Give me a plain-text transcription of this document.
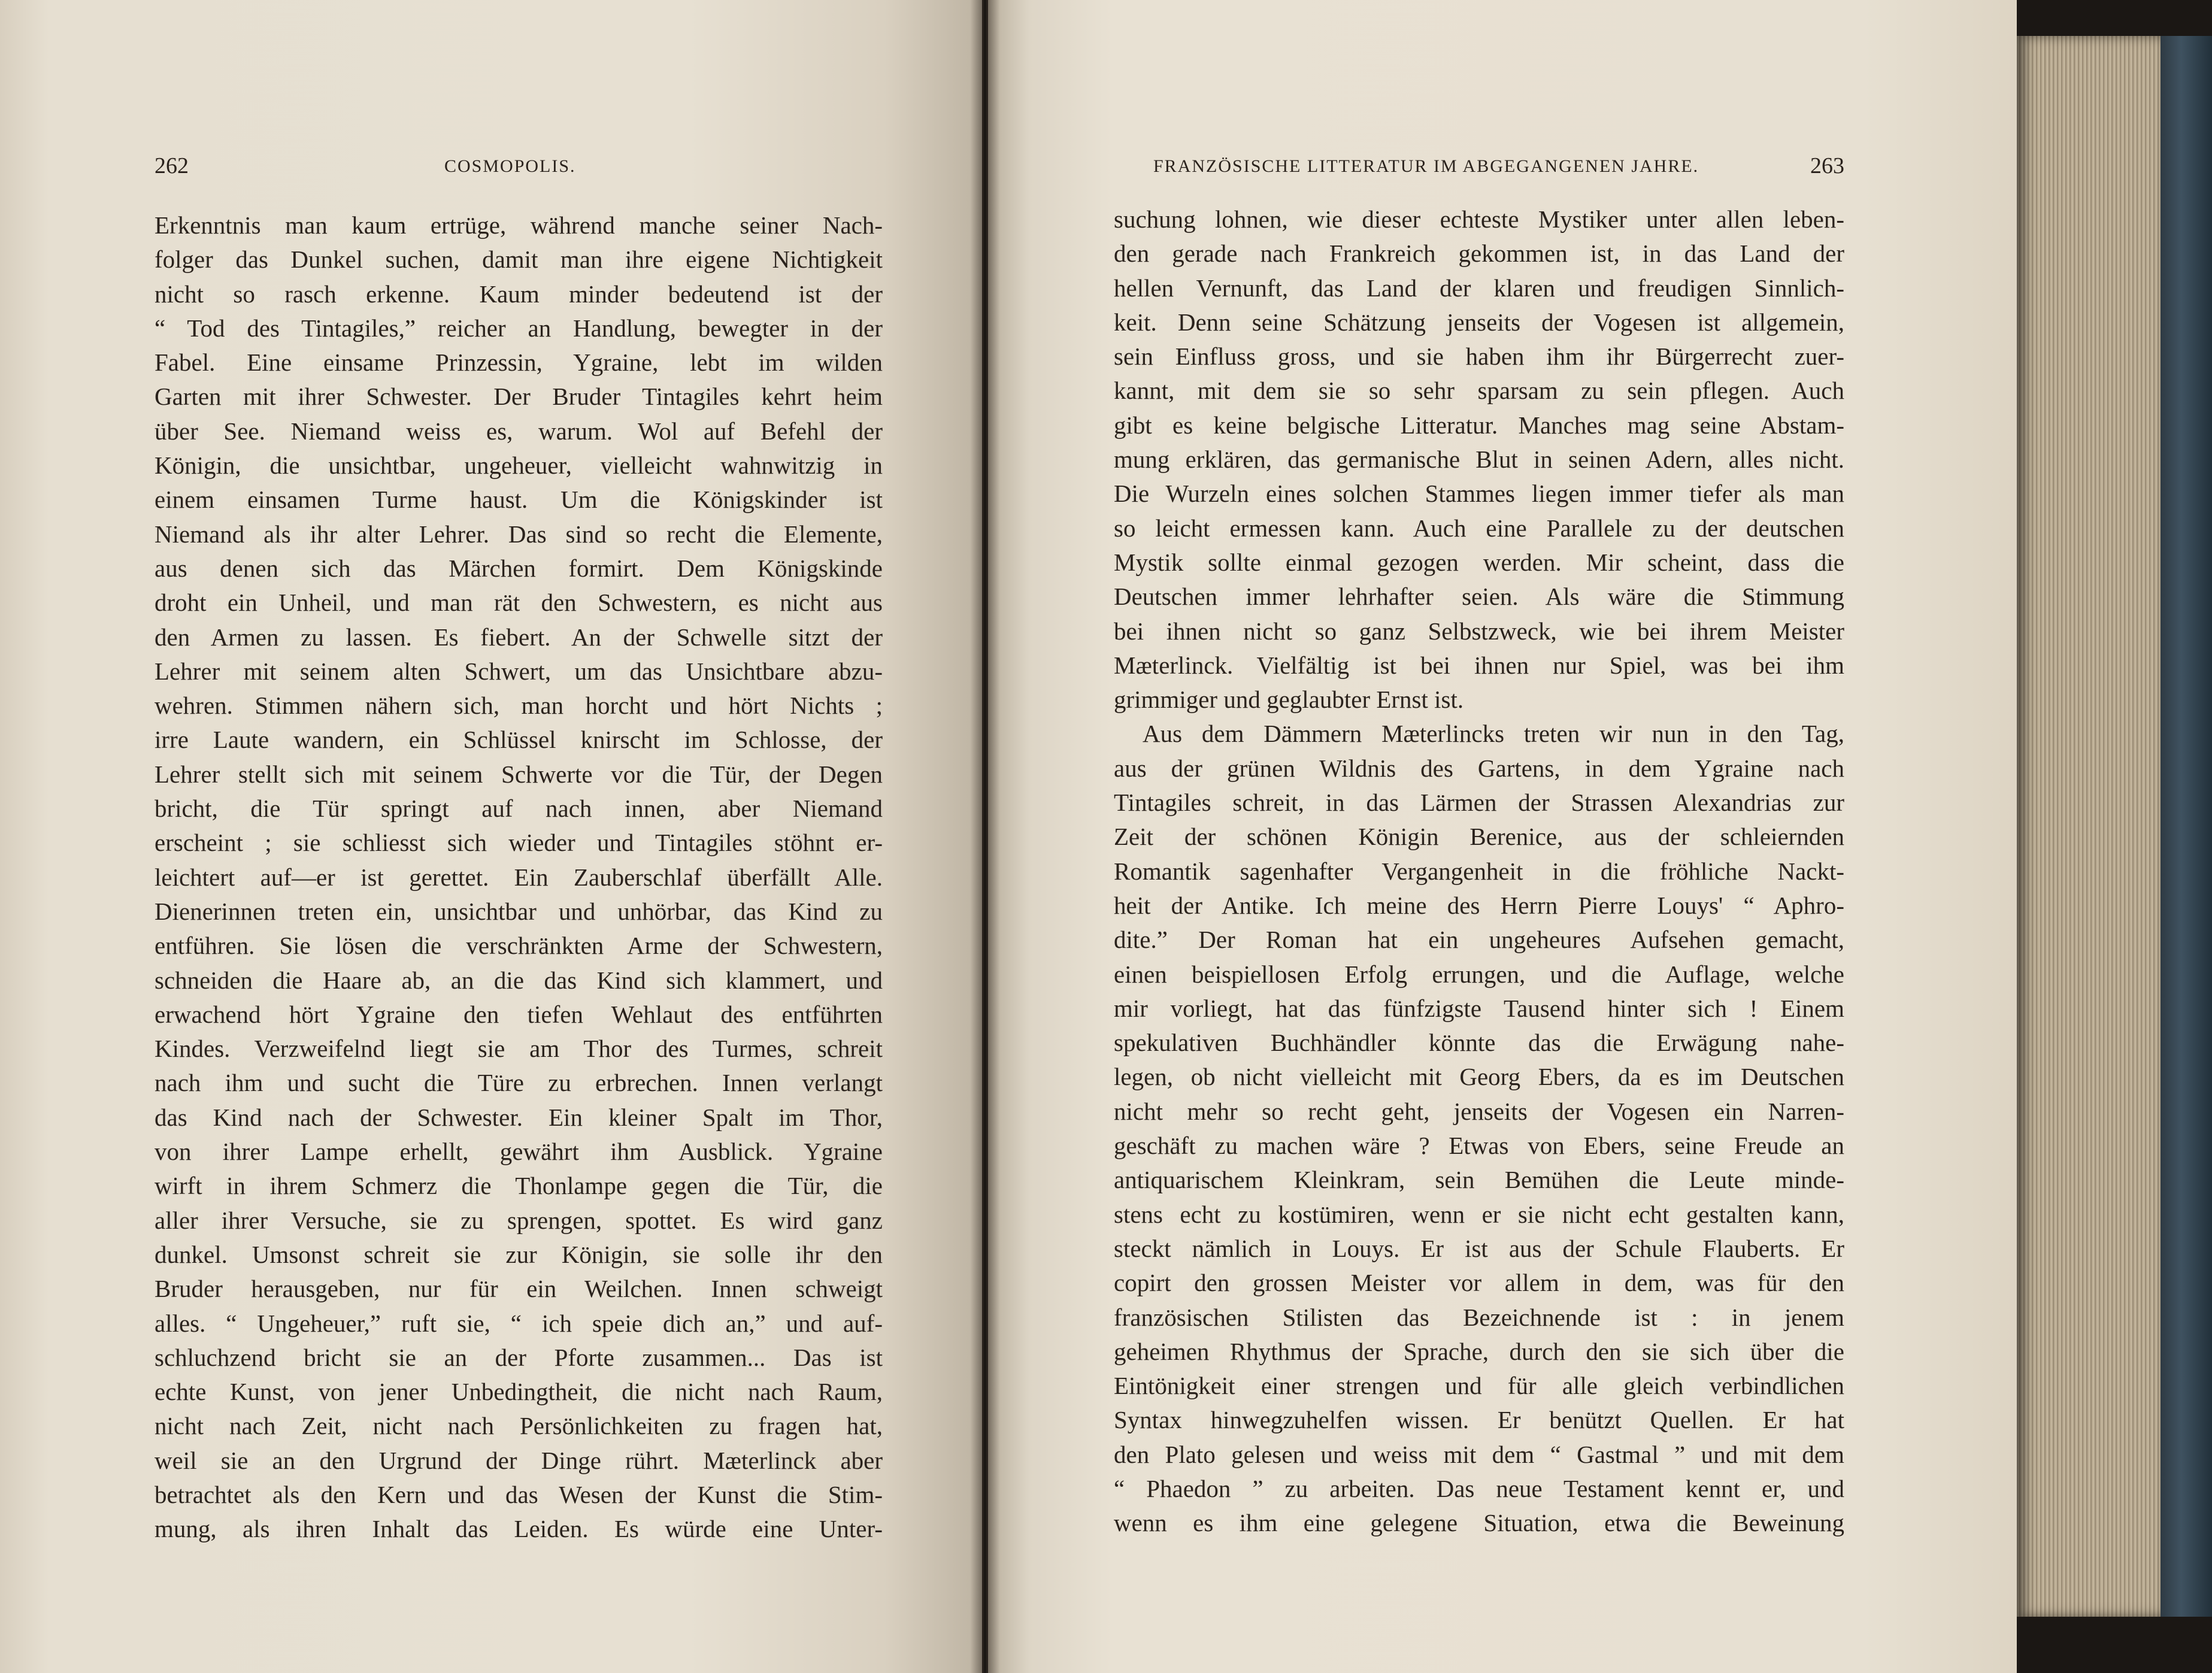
262	COSMOPOLIS.
Erkenntnis man kaum ertrüge, während manche seiner Nach-
folger das Dunkel suchen, damit man ihre eigene Nichtigkeit
nicht so rasch erkenne. Kaum minder bedeutend ist der
“ Tod des Tintagiles,” reicher an Handlung, bewegter in der
Fabel. Eine einsame Prinzessin, Ygraine, lebt im wilden
Garten mit ihrer Schwester. Der Bruder Tintagiles kehrt heim
über See. Niemand weiss es, warum. Wol auf Befehl der
Königin, die unsichtbar, ungeheuer, vielleicht wahnwitzig in
einem einsamen Turme haust. Um die Königskinder ist
Niemand als ihr alter Lehrer. Das sind so recht die Elemente,
aus denen sich das Märchen formirt. Dem Königskinde
droht ein Unheil, und man rät den Schwestern, es nicht aus
den Armen zu lassen. Es fiebert. An der Schwelle sitzt der
Lehrer mit seinem alten Schwert, um das Unsichtbare abzu-
wehren. Stimmen nähern sich, man horcht und hört Nichts ;
irre Laute wandern, ein Schlüssel knirscht im Schlosse, der
Lehrer stellt sich mit seinem Schwerte vor die Tür, der Degen
bricht, die Tür springt auf nach innen, aber Niemand
erscheint ; sie schliesst sich wieder und Tintagiles stöhnt er-
leichtert auf—er ist gerettet. Ein Zauberschlaf überfällt Alle.
Dienerinnen treten ein, unsichtbar und unhörbar, das Kind zu
entführen. Sie lösen die verschränkten Arme der Schwestern,
schneiden die Haare ab, an die das Kind sich klammert, und
erwachend hört Ygraine den tiefen Wehlaut des entführten
Kindes. Verzweifelnd liegt sie am Thor des Turmes, schreit
nach ihm und sucht die Türe zu erbrechen. Innen verlangt
das Kind nach der Schwester. Ein kleiner Spalt im Thor,
von ihrer Lampe erhellt, gewährt ihm Ausblick. Ygraine
wirft in ihrem Schmerz die Thonlampe gegen die Tür, die
aller ihrer Versuche, sie zu sprengen, spottet. Es wird ganz
dunkel. Umsonst schreit sie zur Königin, sie solle ihr den
Bruder herausgeben, nur für ein Weilchen. Innen schweigt
alles. “ Ungeheuer,” ruft sie, “ ich speie dich an,” und auf-
schluchzend bricht sie an der Pforte zusammen... Das ist
echte Kunst, von jener Unbedingtheit, die nicht nach Raum,
nicht nach Zeit, nicht nach Persönlichkeiten zu fragen hat,
weil sie an den Urgrund der Dinge rührt. Mæterlinck aber
betrachtet als den Kern und das Wesen der Kunst die Stim-
mung, als ihren Inhalt das Leiden. Es würde eine Unter-
FRANZÖSISCHE LITTERATUR IM ABGEGANGENEN JAHRE.	263
suchung lohnen, wie dieser echteste Mystiker unter allen leben-
den gerade nach Frankreich gekommen ist, in das Land der
hellen Vernunft, das Land der klaren und freudigen Sinnlich-
keit. Denn seine Schätzung jenseits der Vogesen ist allgemein,
sein Einfluss gross, und sie haben ihm ihr Bürgerrecht zuer-
kannt, mit dem sie so sehr sparsam zu sein pflegen. Auch
gibt es keine belgische Litteratur. Manches mag seine Abstam-
mung erklären, das germanische Blut in seinen Adern, alles nicht.
Die Wurzeln eines solchen Stammes liegen immer tiefer als man
so leicht ermessen kann. Auch eine Parallele zu der deutschen
Mystik sollte einmal gezogen werden. Mir scheint, dass die
Deutschen immer lehrhafter seien. Als wäre die Stimmung
bei ihnen nicht so ganz Selbstzweck, wie bei ihrem Meister
Mæterlinck. Vielfältig ist bei ihnen nur Spiel, was bei ihm
grimmiger und geglaubter Ernst ist.
Aus dem Dämmern Mæterlincks treten wir nun in den Tag,
aus der grünen Wildnis des Gartens, in dem Ygraine nach
Tintagiles schreit, in das Lärmen der Strassen Alexandrias zur
Zeit der schönen Königin Berenice, aus der schleiernden
Romantik sagenhafter Vergangenheit in die fröhliche Nackt-
heit der Antike. Ich meine des Herrn Pierre Louys' “ Aphro-
dite.” Der Roman hat ein ungeheures Aufsehen gemacht,
einen beispiellosen Erfolg errungen, und die Auflage, welche
mir vorliegt, hat das fünfzigste Tausend hinter sich ! Einem
spekulativen Buchhändler könnte das die Erwägung nahe-
legen, ob nicht vielleicht mit Georg Ebers, da es im Deutschen
nicht mehr so recht geht, jenseits der Vogesen ein Narren-
geschäft zu machen wäre ? Etwas von Ebers, seine Freude an
antiquarischem Kleinkram, sein Bemühen die Leute minde-
stens echt zu kostümiren, wenn er sie nicht echt gestalten kann,
steckt nämlich in Louys. Er ist aus der Schule Flauberts. Er
copirt den grossen Meister vor allem in dem, was für den
französischen Stilisten das Bezeichnende ist : in jenem
geheimen Rhythmus der Sprache, durch den sie sich über die
Eintönigkeit einer strengen und für alle gleich verbindlichen
Syntax hinwegzuhelfen wissen. Er benützt Quellen. Er hat
den Plato gelesen und weiss mit dem “ Gastmal ” und mit dem
“ Phaedon ” zu arbeiten. Das neue Testament kennt er, und
wenn es ihm eine gelegene Situation, etwa die Beweinung
